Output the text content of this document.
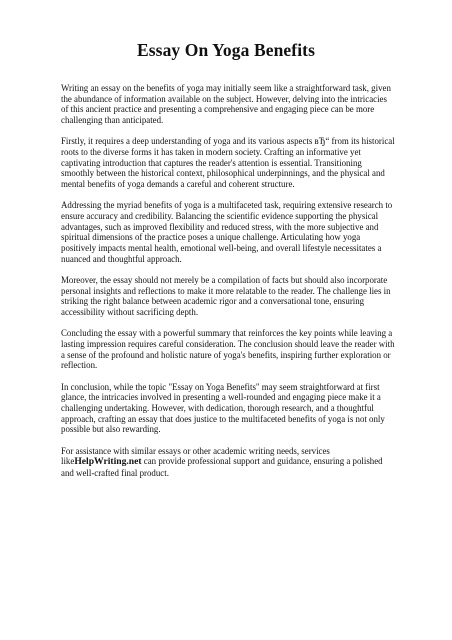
Essay On Yoga Benefits

Writing an essay on the benefits of yoga may initially seem like a straightforward task, given the abundance of information available on the subject. However, delving into the intricacies of this ancient practice and presenting a comprehensive and engaging piece can be more challenging than anticipated.

Firstly, it requires a deep understanding of yoga and its various aspects вЂ“ from its historical roots to the diverse forms it has taken in modern society. Crafting an informative yet captivating introduction that captures the reader's attention is essential. Transitioning smoothly between the historical context, philosophical underpinnings, and the physical and mental benefits of yoga demands a careful and coherent structure.

Addressing the myriad benefits of yoga is a multifaceted task, requiring extensive research to ensure accuracy and credibility. Balancing the scientific evidence supporting the physical advantages, such as improved flexibility and reduced stress, with the more subjective and spiritual dimensions of the practice poses a unique challenge. Articulating how yoga positively impacts mental health, emotional well-being, and overall lifestyle necessitates a nuanced and thoughtful approach.

Moreover, the essay should not merely be a compilation of facts but should also incorporate personal insights and reflections to make it more relatable to the reader. The challenge lies in striking the right balance between academic rigor and a conversational tone, ensuring accessibility without sacrificing depth.

Concluding the essay with a powerful summary that reinforces the key points while leaving a lasting impression requires careful consideration. The conclusion should leave the reader with a sense of the profound and holistic nature of yoga's benefits, inspiring further exploration or reflection.

In conclusion, while the topic "Essay on Yoga Benefits" may seem straightforward at first glance, the intricacies involved in presenting a well-rounded and engaging piece make it a challenging undertaking. However, with dedication, thorough research, and a thoughtful approach, crafting an essay that does justice to the multifaceted benefits of yoga is not only possible but also rewarding.

For assistance with similar essays or other academic writing needs, services likeHelpWriting.net can provide professional support and guidance, ensuring a polished and well-crafted final product.
